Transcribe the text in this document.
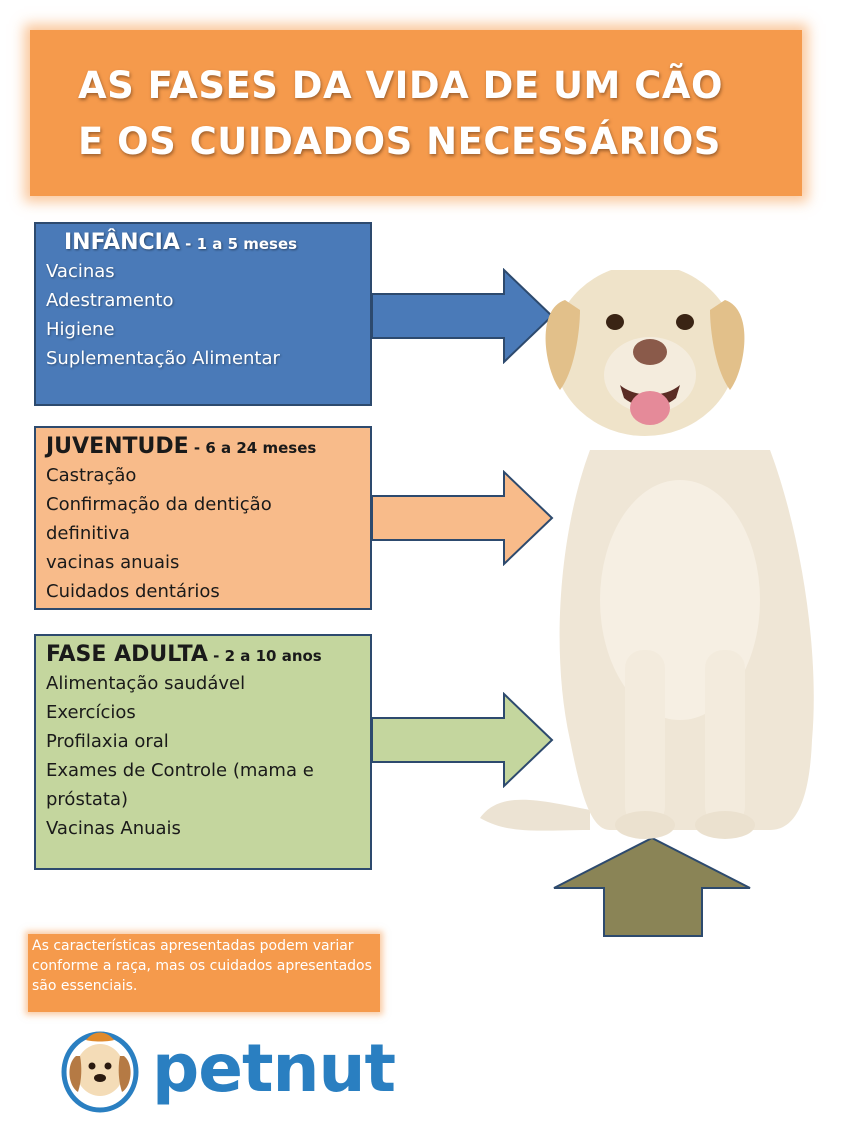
AS FASES DA VIDA DE UM CÃO
E OS CUIDADOS NECESSÁRIOS
INFÂNCIA - 1 a 5 meses
Vacinas
Adestramento
Higiene
Suplementação Alimentar
JUVENTUDE - 6 a 24 meses
Castração
Confirmação da dentição
definitiva
vacinas anuais
Cuidados dentários
FASE ADULTA - 2 a 10 anos
Alimentação saudável
Exercícios
Profilaxia oral
Exames de Controle (mama e
próstata)
Vacinas Anuais
As características apresentadas podem variar conforme a raça, mas os cuidados apresentados são essenciais.
petnut
